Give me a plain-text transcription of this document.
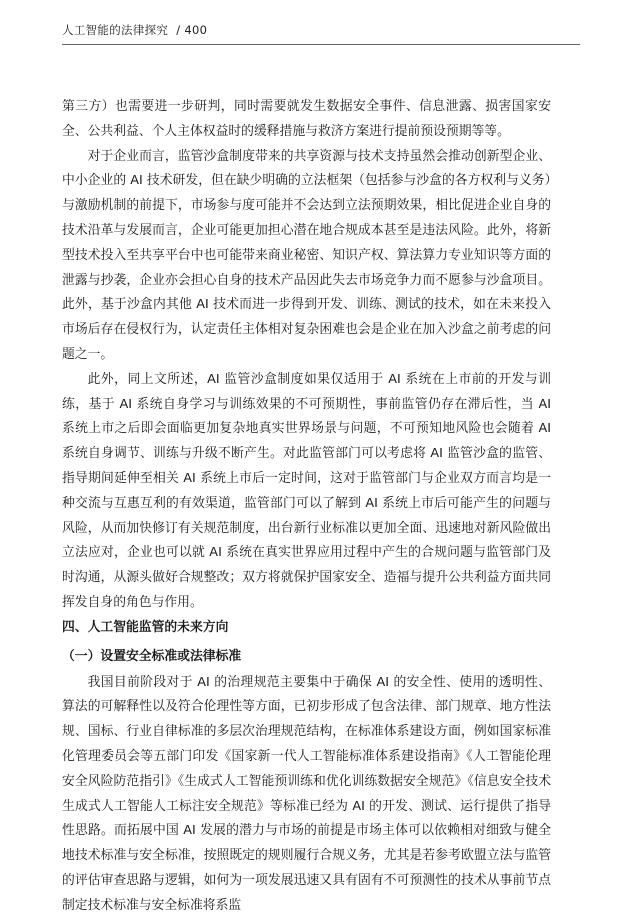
人工智能的法律探究 / 400

第三方）也需要进一步研判，同时需要就发生数据安全事件、信息泄露、损害国家安全、公共利益、个人主体权益时的缓释措施与救济方案进行提前预设预期等等。

对于企业而言，监管沙盒制度带来的共享资源与技术支持虽然会推动创新型企业、中小企业的 AI 技术研发，但在缺少明确的立法框架（包括参与沙盒的各方权利与义务）与激励机制的前提下，市场参与度可能并不会达到立法预期效果，相比促进企业自身的技术沿革与发展而言，企业可能更加担心潜在地合规成本甚至是违法风险。此外，将新型技术投入至共享平台中也可能带来商业秘密、知识产权、算法算力专业知识等方面的泄露与抄袭，企业亦会担心自身的技术产品因此失去市场竞争力而不愿参与沙盒项目。此外，基于沙盒内其他 AI 技术而进一步得到开发、训练、测试的技术，如在未来投入市场后存在侵权行为，认定责任主体相对复杂困难也会是企业在加入沙盒之前考虑的问题之一。

此外，同上文所述，AI 监管沙盒制度如果仅适用于 AI 系统在上市前的开发与训练，基于 AI 系统自身学习与训练效果的不可预期性，事前监管仍存在滞后性，当 AI 系统上市之后即会面临更加复杂地真实世界场景与问题，不可预知地风险也会随着 AI 系统自身调节、训练与升级不断产生。对此监管部门可以考虑将 AI 监管沙盒的监管、指导期间延伸至相关 AI 系统上市后一定时间，这对于监管部门与企业双方而言均是一种交流与互惠互利的有效渠道，监管部门可以了解到 AI 系统上市后可能产生的问题与风险，从而加快修订有关规范制度，出台新行业标准以更加全面、迅速地对新风险做出立法应对，企业也可以就 AI 系统在真实世界应用过程中产生的合规问题与监管部门及时沟通，从源头做好合规整改；双方将就保护国家安全、造福与提升公共利益方面共同挥发自身的角色与作用。

四、人工智能监管的未来方向
（一）设置安全标准或法律标准

我国目前阶段对于 AI 的治理规范主要集中于确保 AI 的安全性、使用的透明性、算法的可解释性以及符合伦理性等方面，已初步形成了包含法律、部门规章、地方性法规、国标、行业自律标准的多层次治理规范结构，在标准体系建设方面，例如国家标准化管理委员会等五部门印发《国家新一代人工智能标准体系建设指南》《人工智能伦理安全风险防范指引》《生成式人工智能预训练和优化训练数据安全规范》《信息安全技术生成式人工智能人工标注安全规范》等标准已经为 AI 的开发、测试、运行提供了指导性思路。而拓展中国 AI 发展的潜力与市场的前提是市场主体可以依赖相对细致与健全地技术标准与安全标准，按照既定的规则履行合规义务，尤其是若参考欧盟立法与监管的评估审查思路与逻辑，如何为一项发展迅速又具有固有不可预测性的技术从事前节点制定技术标准与安全标准将系监
